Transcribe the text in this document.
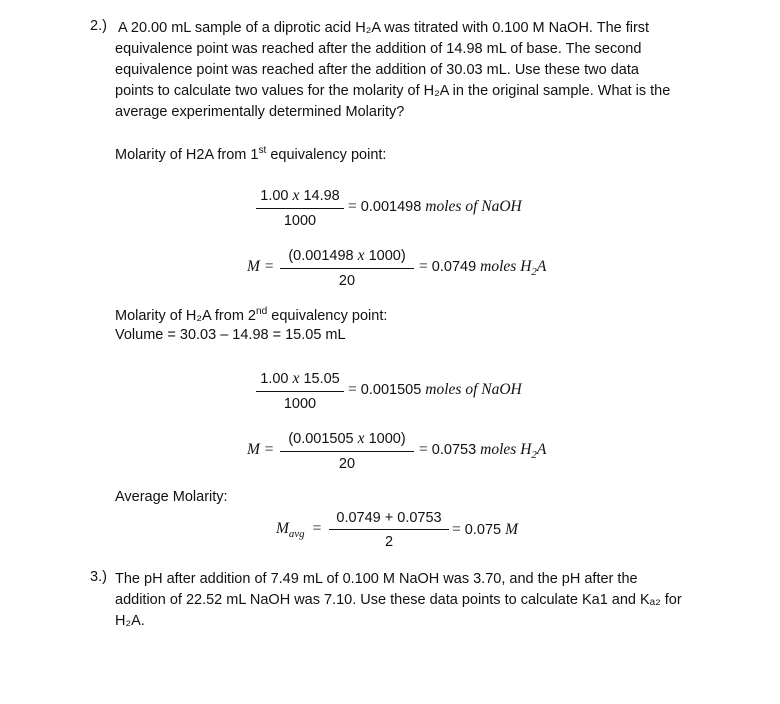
2.) A 20.00 mL sample of a diprotic acid H₂A was titrated with 0.100 M NaOH. The first
equivalence point was reached after the addition of 14.98 mL of base. The second
equivalence point was reached after the addition of 30.03 mL. Use these two data
points to calculate two values for the molarity of H₂A in the original sample. What is the
average experimentally determined Molarity?
Molarity of H2A from 1st equivalency point:
1.00 x 14.98
1000
= 0.001498 moles of NaOH
M =
(0.001498 x 1000)
20
= 0.0749 moles $H_2A$
Molarity of H₂A from 2nd equivalency point:
Volume = 30.03 – 14.98 = 15.05 mL
1.00 x 15.05
1000
= 0.001505 moles of NaOH
M =
(0.001505 x 1000)
20
= 0.0753 moles $H_2A$
Average Molarity:
$M_{avg}$ =
0.0749 + 0.0753
2
= 0.075 M
3.) The pH after addition of 7.49 mL of 0.100 M NaOH was 3.70, and the pH after the
addition of 22.52 mL NaOH was 7.10. Use these data points to calculate Ka1 and Kₐ₂ for
H₂A.
